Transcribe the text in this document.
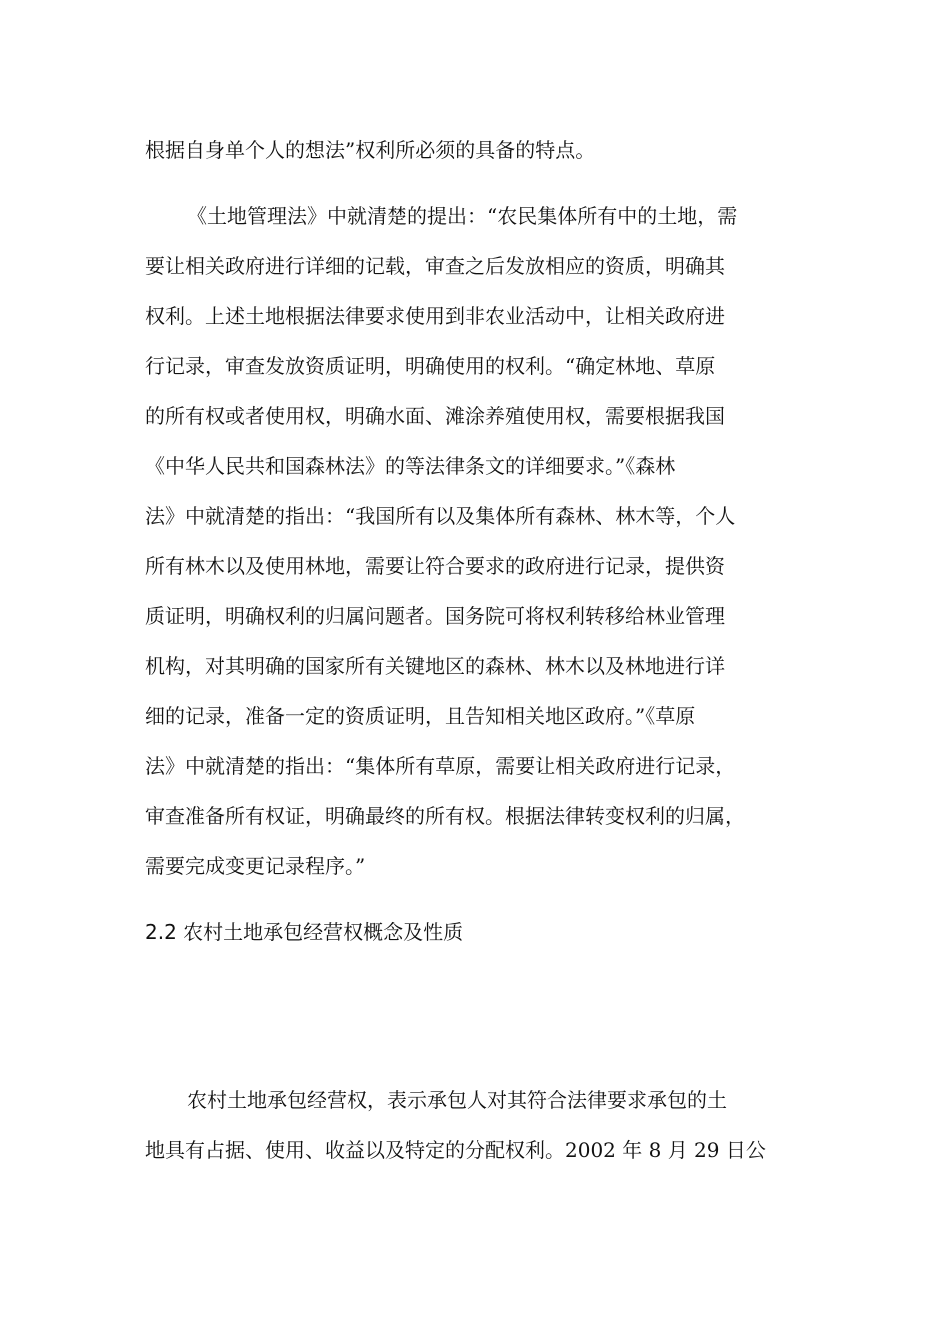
根据自身单个人的想法”权利所必须的具备的特点。
《土地管理法》中就清楚的提出：“农民集体所有中的土地，需
要让相关政府进行详细的记载，审查之后发放相应的资质，明确其
权利。上述土地根据法律要求使用到非农业活动中，让相关政府进
行记录，审查发放资质证明，明确使用的权利。“确定林地、草原
的所有权或者使用权，明确水面、滩涂养殖使用权，需要根据我国
《中华人民共和国森林法》的等法律条文的详细要求。”《森林
法》中就清楚的指出：“我国所有以及集体所有森林、林木等，个人
所有林木以及使用林地，需要让符合要求的政府进行记录，提供资
质证明，明确权利的归属问题者。国务院可将权利转移给林业管理
机构，对其明确的国家所有关键地区的森林、林木以及林地进行详
细的记录，准备一定的资质证明，且告知相关地区政府。”《草原
法》中就清楚的指出：“集体所有草原，需要让相关政府进行记录，
审查准备所有权证，明确最终的所有权。根据法律转变权利的归属，
需要完成变更记录程序。”
2.2 农村土地承包经营权概念及性质
农村土地承包经营权，表示承包人对其符合法律要求承包的土
地具有占据、使用、收益以及特定的分配权利。2002 年 8 月 29 日公
